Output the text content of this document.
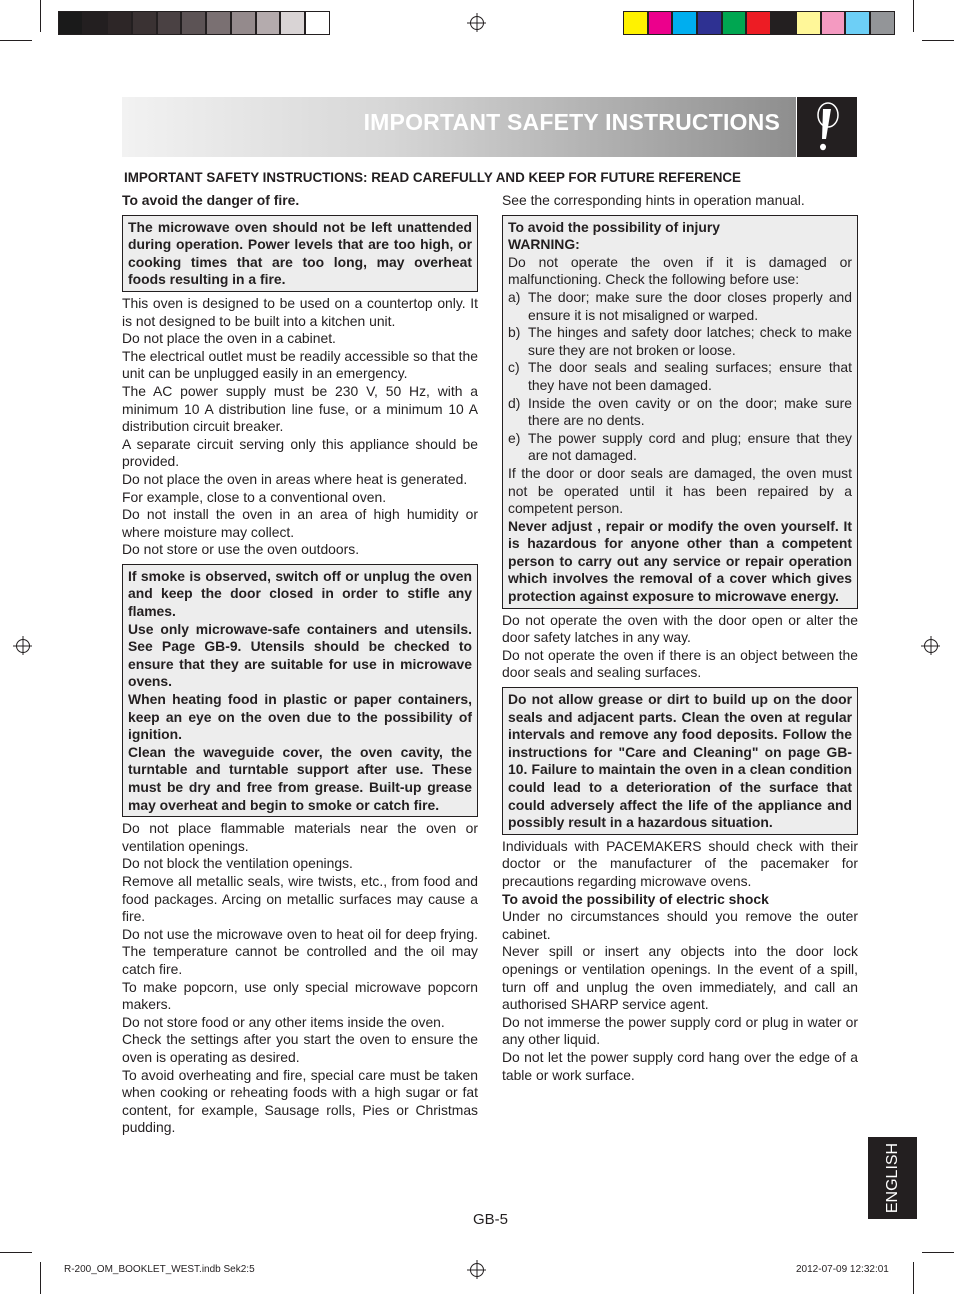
IMPORTANT SAFETY INSTRUCTIONS
IMPORTANT SAFETY INSTRUCTIONS: READ CAREFULLY AND KEEP FOR FUTURE REFERENCE

To avoid the danger of fire.

The microwave oven should not be left unattended during operation. Power levels that are too high, or cooking times that are too long, may overheat foods resulting in a fire.

This oven is designed to be used on a countertop only. It is not designed to be built into a kitchen unit.

Do not place the oven in a cabinet.

The electrical outlet must be readily accessible so that the unit can be unplugged easily in an emergency.

The AC power supply must be 230 V, 50 Hz, with a minimum 10 A distribution line fuse, or a minimum 10 A distribution circuit breaker.

A separate circuit serving only this appliance should be provided.

Do not place the oven in areas where heat is generated.

For example, close to a conventional oven.

Do not install the oven in an area of high humidity or where moisture may collect.

Do not store or use the oven outdoors.

If smoke is observed, switch off or unplug the oven and keep the door closed in order to stifle any flames.

Use only microwave-safe containers and utensils. See Page GB-9. Utensils should be checked to ensure that they are suitable for use in microwave ovens.

When heating food in plastic or paper containers, keep an eye on the oven due to the possibility of ignition.

Clean the waveguide cover, the oven cavity, the turntable and turntable support after use. These must be dry and free from grease. Built-up grease may overheat and begin to smoke or catch fire.

Do not place flammable materials near the oven or ventilation openings.

Do not block the ventilation openings.

Remove all metallic seals, wire twists, etc., from food and food packages. Arcing on metallic surfaces may cause a fire.

Do not use the microwave oven to heat oil for deep frying. The temperature cannot be controlled and the oil may catch fire.

To make popcorn, use only special microwave popcorn makers.

Do not store food or any other items inside the oven.

Check the settings after you start the oven to ensure the oven is operating as desired.

To avoid overheating and fire, special care must be taken when cooking or reheating foods with a high sugar or fat content, for example, Sausage rolls, Pies or Christmas pudding.

See the corresponding hints in operation manual.

To avoid the possibility of injury

WARNING:

Do not operate the oven if it is damaged or malfunctioning. Check the following before use:

a) The door; make sure the door closes properly and ensure it is not misaligned or warped.
b) The hinges and safety door latches; check to make sure they are not broken or loose.
c) The door seals and sealing surfaces; ensure that they have not been damaged.
d) Inside the oven cavity or on the door; make sure there are no dents.
e) The power supply cord and plug; ensure that they are not damaged.

If the door or door seals are damaged, the oven must not be operated until it has been repaired by a competent person.

Never adjust , repair or modify the oven yourself. It is hazardous for anyone other than a competent person to carry out any service or repair operation which involves the removal of a cover which gives protection against exposure to microwave energy.

Do not operate the oven with the door open or alter the door safety latches in any way.

Do not operate the oven if there is an object between the door seals and sealing surfaces.

Do not allow grease or dirt to build up on the door seals and adjacent parts. Clean the oven at regular intervals and remove any food deposits. Follow the instructions for "Care and Cleaning" on page GB-10. Failure to maintain the oven in a clean condition could lead to a deterioration of the surface that could adversely affect the life of the appliance and possibly result in a hazardous situation.

Individuals with PACEMAKERS should check with their doctor or the manufacturer of the pacemaker for precautions regarding microwave ovens.

To avoid the possibility of electric shock

Under no circumstances should you remove the outer cabinet.

Never spill or insert any objects into the door lock openings or ventilation openings. In the event of a spill, turn off and unplug the oven immediately, and call an authorised SHARP service agent.

Do not immerse the power supply cord or plug in water or any other liquid.

Do not let the power supply cord hang over the edge of a table or work surface.

ENGLISH
GB-5
R-200_OM_BOOKLET_WEST.indb Sek2:5	2012-07-09 12:32:01
